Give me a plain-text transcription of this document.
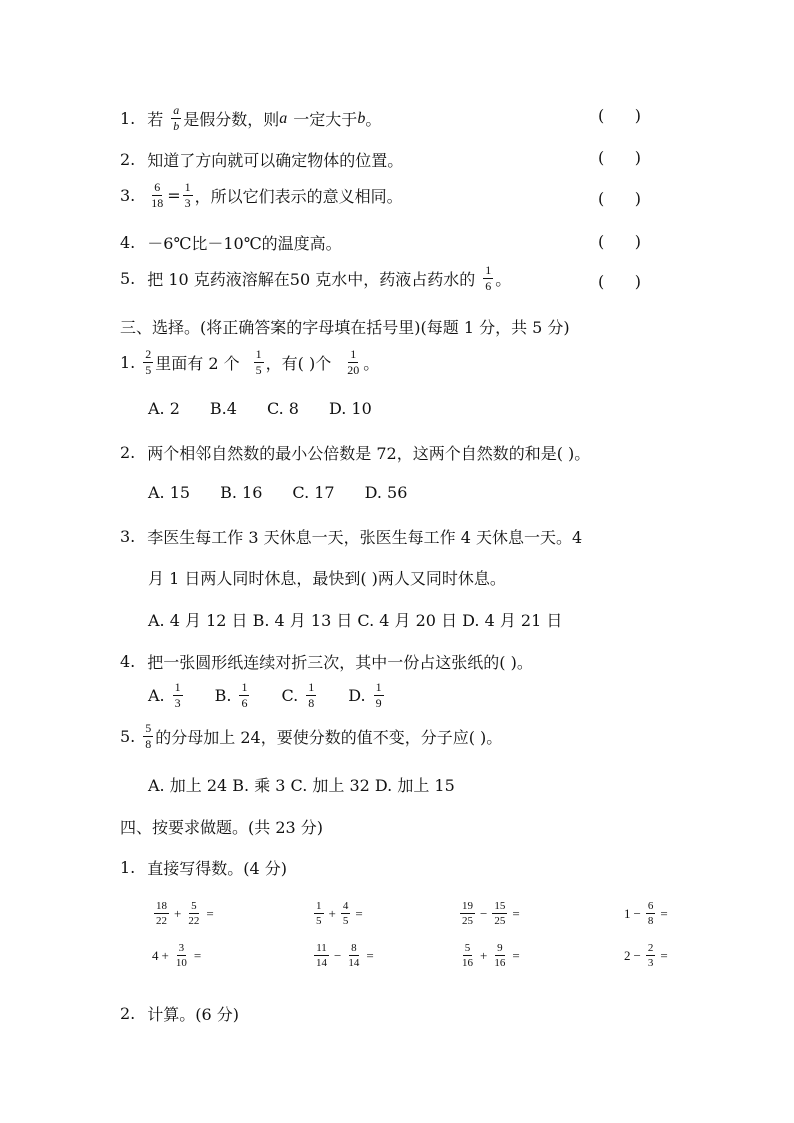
1. 若 $\frac{a}{b}$ 是假分数，则 a 一定大于 b 。	(      )
2. 知道了方向就可以确定物体的位置。	(      )
3. $\frac{6}{18} = \frac{1}{3}$ ，所以它们表示的意义相同。	(      )
4. －6℃比－10℃的温度高。	(      )
5. 把 10 克药液溶解在50 克水中，药液占药水的 $\frac{1}{6}$ 。	(      )
三、选择。(将正确答案的字母填在括号里)(每题 1 分，共 5 分)
1. $\frac{2}{5}$ 里面有 2 个 $\frac{1}{5}$ ，有( )个 $\frac{1}{20}$ 。
A. 2 B.4 C. 8 D. 10
2. 两个相邻自然数的最小公倍数是 72，这两个自然数的和是( )。
A. 15 B. 16 C. 17 D. 56
3. 李医生每工作 3 天休息一天，张医生每工作 4 天休息一天。4
月 1 日两人同时休息，最快到( )两人又同时休息。
A. 4 月 12 日 B. 4 月 13 日 C. 4 月 20 日 D. 4 月 21 日
4. 把一张圆形纸连续对折三次，其中一份占这张纸的( )。
A. $\frac{1}{3} B$. $\frac{1}{6} C$. $\frac{1}{8} D$. $\frac{1}{9}$
5. $\frac{5}{8}$ 的分母加上 24，要使分数的值不变，分子应( )。
A. 加上 24 B. 乘 3 C. 加上 32 D. 加上 15
四、按要求做题。(共 23 分)
1. 直接写得数。(4 分)
$\frac{18}{22} + \frac{5}{22}$ =	$\frac{1}{5} + \frac{4}{5}$ =	$\frac{19}{25} - \frac{15}{25}$ =	$1 - \frac{6}{8}$ =
$4 + \frac{3}{10}$ =	$\frac{11}{14} - \frac{8}{14}$ =	$\frac{5}{16} + \frac{9}{16}$ =	$2 - \frac{2}{3}$ =
2. 计算。(6 分)
